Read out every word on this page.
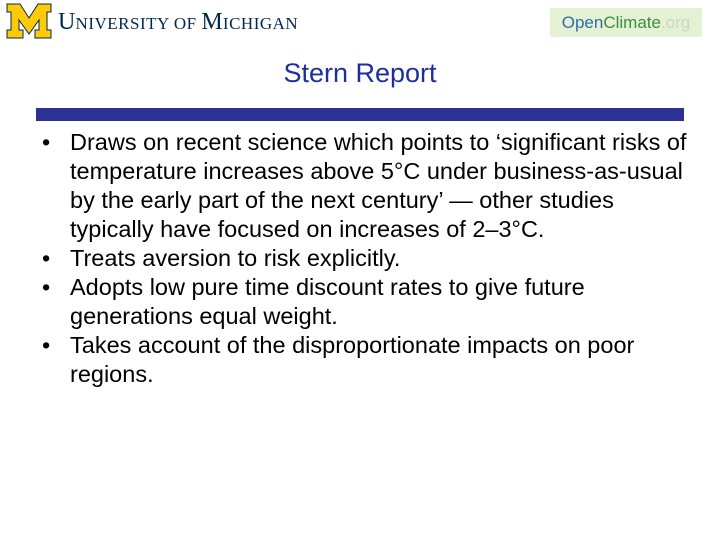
UNIVERSITY OF MICHIGAN	Open Climate .org
Stern Report
• Draws on recent science which points to ‘significant risks of temperature increases above 5°C under business-as-usual by the early part of the next century’ — other studies typically have focused on increases of 2–3°C.
• Treats aversion to risk explicitly.
• Adopts low pure time discount rates to give future generations equal weight.
• Takes account of the disproportionate impacts on poor regions.
